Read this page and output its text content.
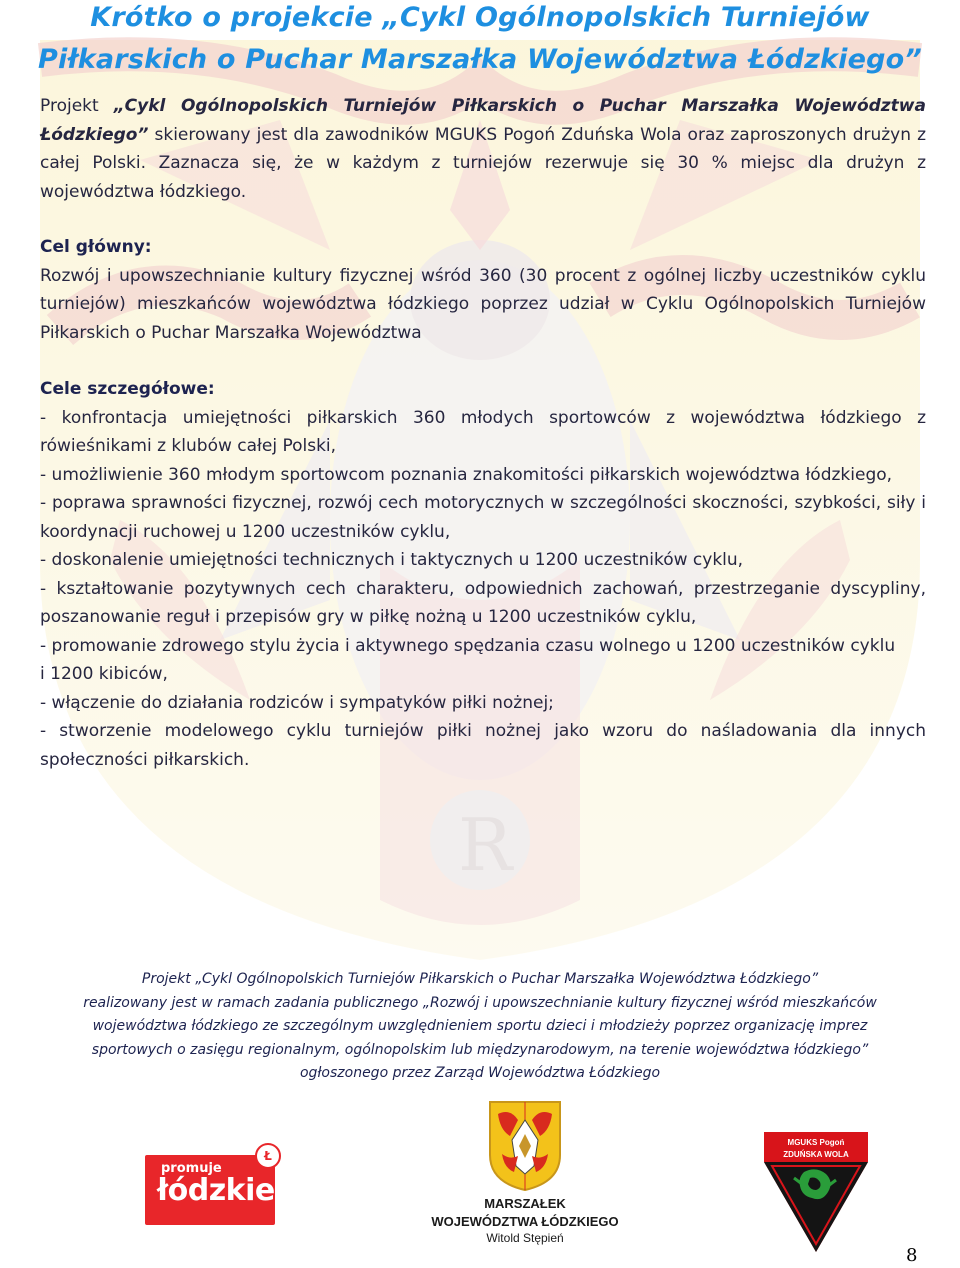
R
Krótko o projekcie „Cykl Ogólnopolskich Turniejów
Piłkarskich o Puchar Marszałka Województwa Łódzkiego”
Projekt „Cykl Ogólnopolskich Turniejów Piłkarskich o Puchar Marszałka Województwa Łódzkiego” skierowany jest dla zawodników MGUKS Pogoń Zduńska Wola oraz zaproszonych drużyn z całej Polski. Zaznacza się, że w każdym z turniejów rezerwuje się 30 % miejsc dla drużyn z województwa łódzkiego.
Cel główny:
Rozwój i upowszechnianie kultury fizycznej wśród 360 (30 procent z ogólnej liczby uczestników cyklu turniejów) mieszkańców województwa łódzkiego poprzez udział w Cyklu Ogólnopolskich Turniejów Piłkarskich o Puchar Marszałka Województwa
Cele szczegółowe:
- konfrontacja umiejętności piłkarskich 360 młodych sportowców z województwa łódzkiego z rówieśnikami z klubów całej Polski,
- umożliwienie 360 młodym sportowcom poznania znakomitości piłkarskich województwa łódzkiego,
- poprawa sprawności fizycznej, rozwój cech motorycznych w szczególności skoczności, szybkości, siły i koordynacji ruchowej u 1200 uczestników cyklu,
- doskonalenie umiejętności technicznych i taktycznych u 1200 uczestników cyklu,
- kształtowanie pozytywnych cech charakteru, odpowiednich zachowań, przestrzeganie dyscypliny, poszanowanie reguł i przepisów gry w piłkę nożną u 1200 uczestników cyklu,
- promowanie zdrowego stylu życia i aktywnego spędzania czasu wolnego u 1200 uczestników cyklu
i 1200 kibiców,
- włączenie do działania rodziców i sympatyków piłki nożnej;
- stworzenie modelowego cyklu turniejów piłki nożnej jako wzoru do naśladowania dla innych społeczności piłkarskich.
Projekt „Cykl Ogólnopolskich Turniejów Piłkarskich o Puchar Marszałka Województwa Łódzkiego”
realizowany jest w ramach zadania publicznego „Rozwój i upowszechnianie kultury fizycznej wśród mieszkańców
województwa łódzkiego ze szczególnym uwzględnieniem sportu dzieci i młodzieży poprzez organizację imprez
sportowych o zasięgu regionalnym, ogólnopolskim lub międzynarodowym, na terenie województwa łódzkiego”
ogłoszonego przez Zarząd Województwa Łódzkiego
promuje
łódzkie
Ł
MARSZAŁEK
WOJEWÓDZTWA ŁÓDZKIEGO
Witold Stępień
MGUKS Pogoń
ZDUŃSKA WOLA
8
